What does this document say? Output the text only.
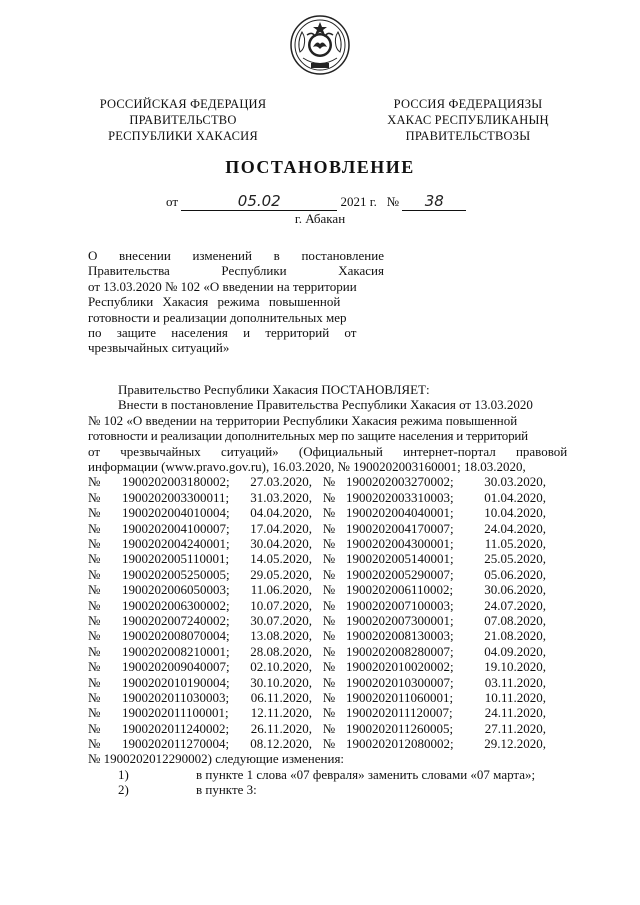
РОССИЙСКАЯ ФЕДЕРАЦИЯ
ПРАВИТЕЛЬСТВО
РЕСПУБЛИКИ ХАКАСИЯ
РОССИЯ ФЕДЕРАЦИЯЗЫ
ХАКАС РЕСПУБЛИКАНЫҢ
ПРАВИТЕЛЬСТВОЗЫ
ПОСТАНОВЛЕНИЕ
от	05.02	2021 г. № 38
г. Абакан
О внесении изменений в постановление
Правительства	Республики	Хакасия
от 13.03.2020 № 102 «О введении на территории
Республики Хакасия режима повышенной
готовности и реализации дополнительных мер
по защите населения и территорий от
чрезвычайных ситуаций»
Правительство Республики Хакасия ПОСТАНОВЛЯЕТ:
Внести в постановление Правительства Республики Хакасия от 13.03.2020
№ 102 «О введении на территории Республики Хакасия режима повышенной
готовности и реализации дополнительных мер по защите населения и территорий
от чрезвычайных ситуаций» (Официальный интернет-портал правовой
информации (www.pravo.gov.ru), 16.03.2020, № 1900202003160001; 18.03.2020,
№	1900202003180002;	27.03.2020, № 1900202003270002;	30.03.2020,
№	1900202003300011;	31.03.2020, № 1900202003310003;	01.04.2020,
№	1900202004010004;	04.04.2020, № 1900202004040001;	10.04.2020,
№	1900202004100007;	17.04.2020, № 1900202004170007;	24.04.2020,
№	1900202004240001;	30.04.2020, № 1900202004300001;	11.05.2020,
№	1900202005110001;	14.05.2020, № 1900202005140001;	25.05.2020,
№	1900202005250005;	29.05.2020, № 1900202005290007;	05.06.2020,
№	1900202006050003;	11.06.2020, № 1900202006110002;	30.06.2020,
№	1900202006300002;	10.07.2020, № 1900202007100003;	24.07.2020,
№	1900202007240002;	30.07.2020, № 1900202007300001;	07.08.2020,
№	1900202008070004;	13.08.2020, № 1900202008130003;	21.08.2020,
№	1900202008210001;	28.08.2020, № 1900202008280007;	04.09.2020,
№	1900202009040007;	02.10.2020, № 1900202010020002;	19.10.2020,
№	1900202010190004;	30.10.2020, № 1900202010300007;	03.11.2020,
№	1900202011030003;	06.11.2020, № 1900202011060001;	10.11.2020,
№	1900202011100001;	12.11.2020, № 1900202011120007;	24.11.2020,
№	1900202011240002;	26.11.2020, № 1900202011260005;	27.11.2020,
№	1900202011270004;	08.12.2020, № 1900202012080002;	29.12.2020,
№ 1900202012290002) следующие изменения:
1)	в пункте 1 слова «07 февраля» заменить словами «07 марта»;
2)	в пункте 3:
